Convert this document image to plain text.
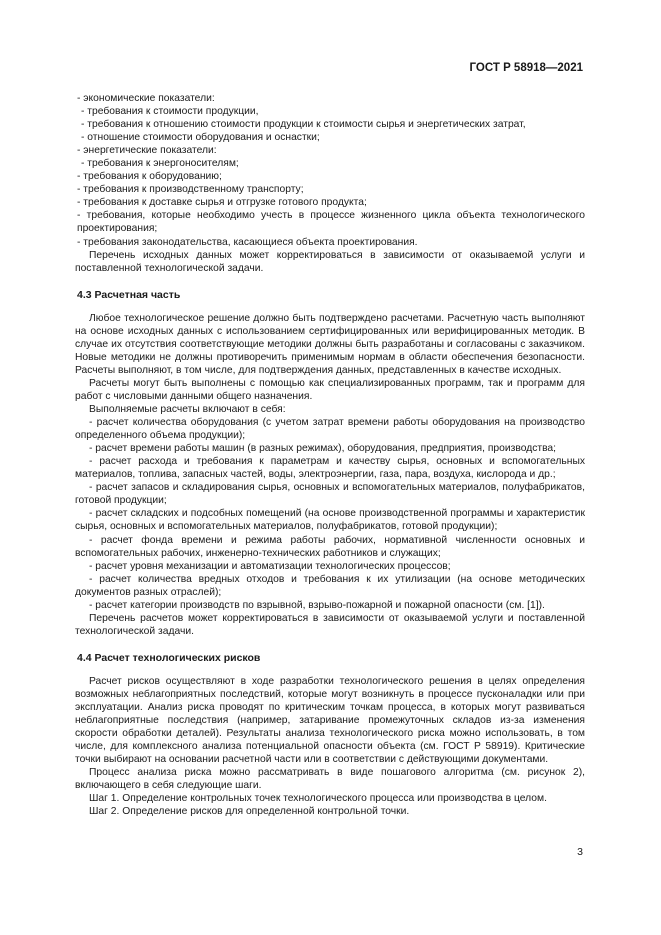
ГОСТ Р 58918—2021

- экономические показатели:

- требования к стоимости продукции,

- требования к отношению стоимости продукции к стоимости сырья и энергетических затрат,

- отношение стоимости оборудования и оснастки;

- энергетические показатели:

- требования к энергоносителям;

- требования к оборудованию;

- требования к производственному транспорту;

- требования к доставке сырья и отгрузке готового продукта;

- требования, которые необходимо учесть в процессе жизненного цикла объекта технологического проектирования;

- требования законодательства, касающиеся объекта проектирования.

Перечень исходных данных может корректироваться в зависимости от оказываемой услуги и поставленной технологической задачи.

4.3 Расчетная часть

Любое технологическое решение должно быть подтверждено расчетами. Расчетную часть выполняют на основе исходных данных с использованием сертифицированных или верифицированных методик. В случае их отсутствия соответствующие методики должны быть разработаны и согласованы с заказчиком. Новые методики не должны противоречить применимым нормам в области обеспечения безопасности. Расчеты выполняют, в том числе, для подтверждения данных, представленных в качестве исходных.

Расчеты могут быть выполнены с помощью как специализированных программ, так и программ для работ с числовыми данными общего назначения.

Выполняемые расчеты включают в себя:

- расчет количества оборудования (с учетом затрат времени работы оборудования на производство определенного объема продукции);

- расчет времени работы машин (в разных режимах), оборудования, предприятия, производства;

- расчет расхода и требования к параметрам и качеству сырья, основных и вспомогательных материалов, топлива, запасных частей, воды, электроэнергии, газа, пара, воздуха, кислорода и др.;

- расчет запасов и складирования сырья, основных и вспомогательных материалов, полуфабрикатов, готовой продукции;

- расчет складских и подсобных помещений (на основе производственной программы и характеристик сырья, основных и вспомогательных материалов, полуфабрикатов, готовой продукции);

- расчет фонда времени и режима работы рабочих, нормативной численности основных и вспомогательных рабочих, инженерно-технических работников и служащих;

- расчет уровня механизации и автоматизации технологических процессов;

- расчет количества вредных отходов и требования к их утилизации (на основе методических документов разных отраслей);

- расчет категории производств по взрывной, взрыво-пожарной и пожарной опасности (см. [1]).

Перечень расчетов может корректироваться в зависимости от оказываемой услуги и поставленной технологической задачи.

4.4 Расчет технологических рисков

Расчет рисков осуществляют в ходе разработки технологического решения в целях определения возможных неблагоприятных последствий, которые могут возникнуть в процессе пусконаладки или при эксплуатации. Анализ риска проводят по критическим точкам процесса, в которых могут развиваться неблагоприятные последствия (например, затаривание промежуточных складов из-за изменения скорости обработки деталей). Результаты анализа технологического риска можно использовать, в том числе, для комплексного анализа потенциальной опасности объекта (см. ГОСТ Р 58919). Критические точки выбирают на основании расчетной части или в соответствии с действующими документами.

Процесс анализа риска можно рассматривать в виде пошагового алгоритма (см. рисунок 2), включающего в себя следующие шаги.

Шаг 1. Определение контрольных точек технологического процесса или производства в целом.

Шаг 2. Определение рисков для определенной контрольной точки.

3
